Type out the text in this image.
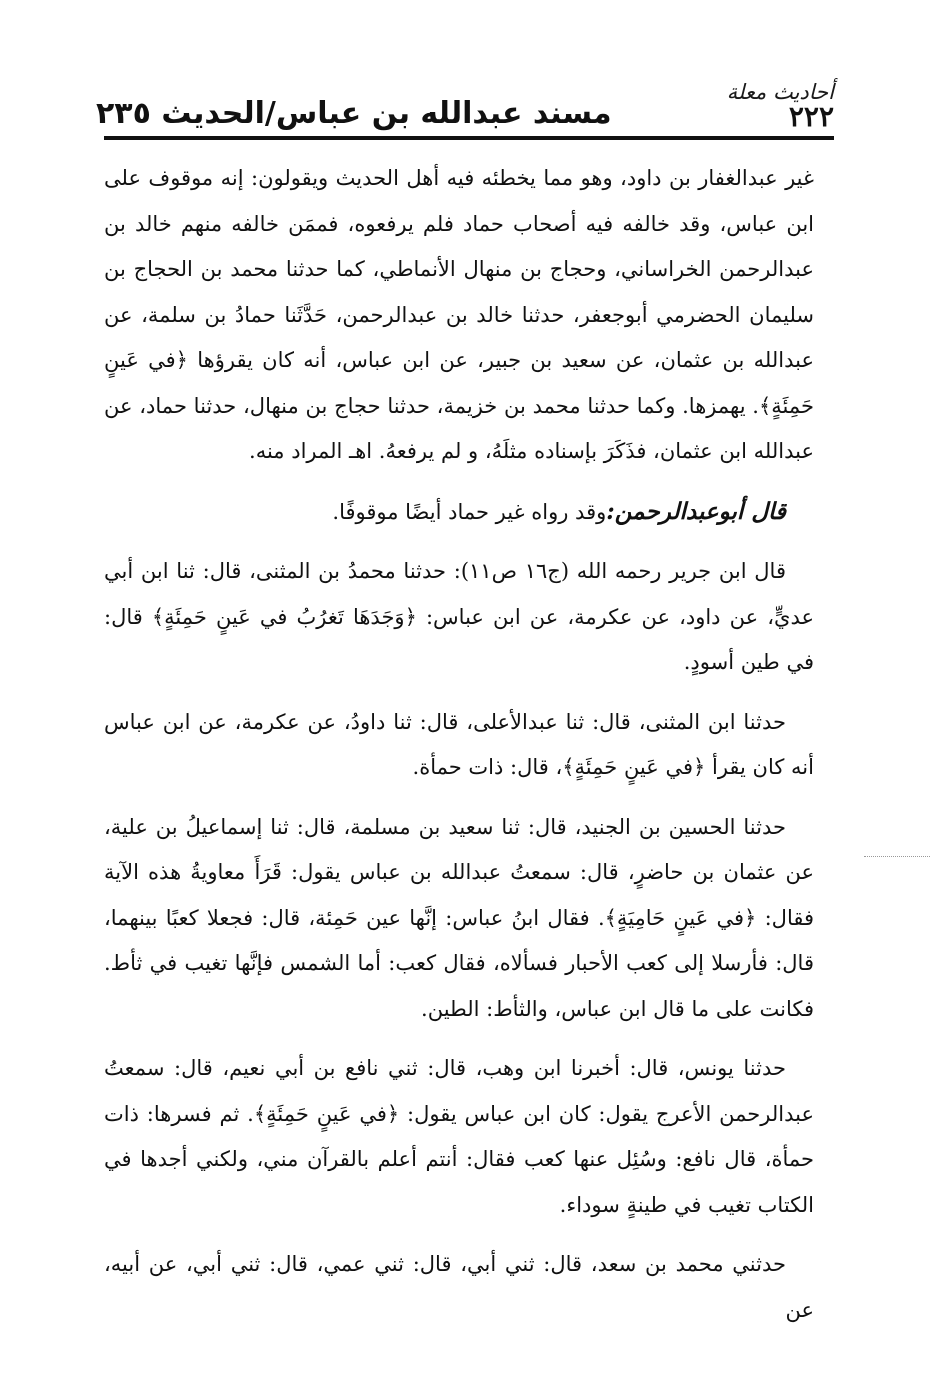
أحاديث معلة
٢٢٢
مسند عبدالله بن عباس/الحديث ٢٣٥

غير عبدالغفار بن داود، وهو مما يخطئه فيه أهل الحديث ويقولون: إنه موقوف على ابن عباس، وقد خالفه فيه أصحاب حماد فلم يرفعوه، فممَن خالفه منهم خالد بن عبدالرحمن الخراساني، وحجاج بن منهال الأنماطي، كما حدثنا محمد بن الحجاج بن سليمان الحضرمي أبوجعفر، حدثنا خالد بن عبدالرحمن، حَدَّثَنا حمادُ بن سلمة، عن عبدالله بن عثمان، عن سعيد بن جبير، عن ابن عباس، أنه كان يقرؤها ﴿في عَينٍ حَمِئَةٍ﴾. يهمزها. وكما حدثنا محمد بن خزيمة، حدثنا حجاج بن منهال، حدثنا حماد، عن عبدالله ابن عثمان، فذَكَرَ بإسناده مثلَهُ، و لم يرفعهُ. اهـ المراد منه.

قال أبوعبدالرحمن:وقد رواه غير حماد أيضًا موقوفًا.

قال ابن جرير رحمه الله (ج١٦ ص١١): حدثنا محمدُ بن المثنى، قال: ثنا ابن أبي عديٍّ، عن داود، عن عكرمة، عن ابن عباس: ﴿وَجَدَهَا تَغرُبُ في عَينٍ حَمِئَةٍ﴾ قال: في طين أسودٍ.

حدثنا ابن المثنى، قال: ثنا عبدالأعلى، قال: ثنا داودُ، عن عكرمة، عن ابن عباس أنه كان يقرأ ﴿في عَينٍ حَمِئَةٍ﴾، قال: ذات حمأة.

حدثنا الحسين بن الجنيد، قال: ثنا سعيد بن مسلمة، قال: ثنا إسماعيلُ بن علية، عن عثمان بن حاضرٍ، قال: سمعتُ عبدالله بن عباس يقول: قَرَأَ معاويةُ هذه الآية فقال: ﴿في عَينٍ حَامِيَةٍ﴾. فقال ابنُ عباس: إنَّها عين حَمِئة، قال: فجعلا كعبًا بينهما، قال: فأرسلا إلى كعب الأحبار فسألاه، فقال كعب: أما الشمس فإنَّها تغيب في ثأط. فكانت على ما قال ابن عباس، والثأط: الطين.

حدثنا يونس، قال: أخبرنا ابن وهب، قال: ثني نافع بن أبي نعيم، قال: سمعتُ عبدالرحمن الأعرج يقول: كان ابن عباس يقول: ﴿في عَينٍ حَمِئَةٍ﴾. ثم فسرها: ذات حمأة، قال نافع: وسُئِل عنها كعب فقال: أنتم أعلم بالقرآن مني، ولكني أجدها في الكتاب تغيب في طينةٍ سوداء.

حدثني محمد بن سعد، قال: ثني أبي، قال: ثني عمي، قال: ثني أبي، عن أبيه، عن
